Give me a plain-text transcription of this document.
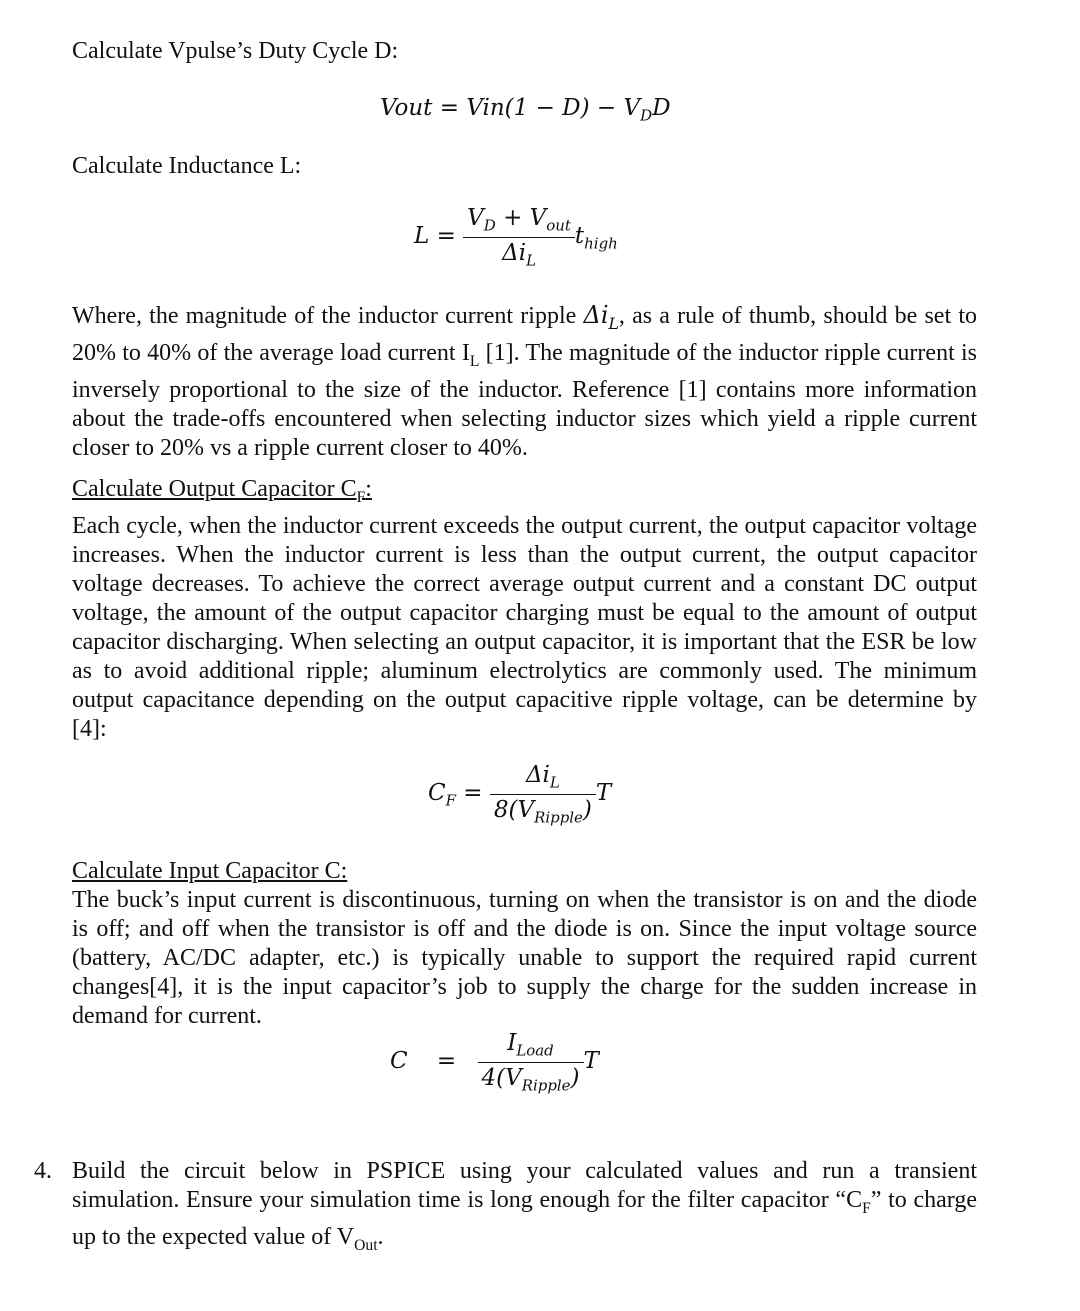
Calculate Vpulse’s Duty Cycle D:
Vout = $Vin(1 - D) - V_DD$
Calculate Inductance L:
$L = \frac{V_D + V_{out}}{\Delta i_L} t_{high}$
Where, the magnitude of the inductor current ripple $\Delta i_L$, as a rule of thumb, should be set to 20% to 40% of the average load current $I_L$ [1]. The magnitude of the inductor ripple current is inversely proportional to the size of the inductor. Reference [1] contains more information about the trade-offs encountered when selecting inductor sizes which yield a ripple current closer to 20% vs a ripple current closer to 40%.
Calculate Output Capacitor $C_F$:
Each cycle, when the inductor current exceeds the output current, the output capacitor voltage increases. When the inductor current is less than the output current, the output capacitor voltage decreases. To achieve the correct average output current and a constant DC output voltage, the amount of the output capacitor charging must be equal to the amount of output capacitor discharging. When selecting an output capacitor, it is important that the ESR be low as to avoid additional ripple; aluminum electrolytics are commonly used. The minimum output capacitance depending on the output capacitive ripple voltage, can be determine by [4]:
$C_F = \frac{\Delta i_L}{8(V_{Ripple})}$ T
Calculate Input Capacitor C:
The buck’s input current is discontinuous, turning on when the transistor is on and the diode is off; and off when the transistor is off and the diode is on. Since the input voltage source (battery, AC/DC adapter, etc.) is typically unable to support the required rapid current changes[4], it is the input capacitor’s job to supply the charge for the sudden increase in demand for current.
$C = \frac{I_{Load}}{4(V_{Ripple})}$ T
4. Build the circuit below in PSPICE using your calculated values and run a transient simulation. Ensure your simulation time is long enough for the filter capacitor “$C_F$” to charge up to the expected value of $V_{Out}$.
